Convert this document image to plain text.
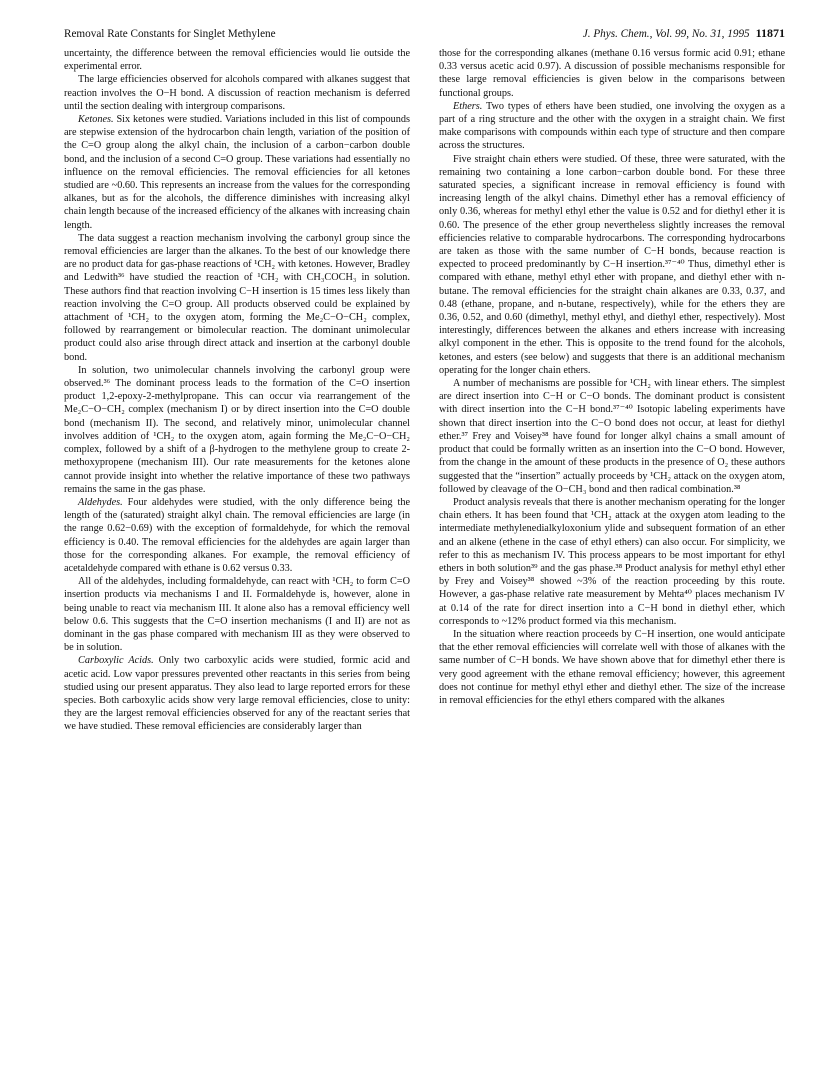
Removal Rate Constants for Singlet Methylene	J. Phys. Chem., Vol. 99, No. 31, 1995 11871

uncertainty, the difference between the removal efficiencies would lie outside the experimental error.

The large efficiencies observed for alcohols compared with alkanes suggest that reaction involves the O−H bond. A discussion of reaction mechanism is deferred until the section dealing with intergroup comparisons.

Ketones. Six ketones were studied. Variations included in this list of compounds are stepwise extension of the hydrocarbon chain length, variation of the position of the C=O group along the alkyl chain, the inclusion of a carbon−carbon double bond, and the inclusion of a second C=O group. These variations had essentially no influence on the removal efficiencies. The removal efficiencies for all ketones studied are ~0.60. This represents an increase from the values for the corresponding alkanes, but as for the alcohols, the difference diminishes with increasing alkyl chain length because of the increased efficiency of the alkanes with increasing chain length.

The data suggest a reaction mechanism involving the carbonyl group since the removal efficiencies are larger than the alkanes. To the best of our knowledge there are no product data for gas-phase reactions of ¹CH₂ with ketones. However, Bradley and Ledwith³⁶ have studied the reaction of ¹CH₂ with CH₃COCH₃ in solution. These authors find that reaction involving C−H insertion is 15 times less likely than reaction involving the C=O group. All products observed could be explained by attachment of ¹CH₂ to the oxygen atom, forming the Me₂C−O−CH₂ complex, followed by rearrangement or bimolecular reaction. The dominant unimolecular product could also arise through direct attack and insertion at the carbonyl double bond.

In solution, two unimolecular channels involving the carbonyl group were observed.³⁶ The dominant process leads to the formation of the C=O insertion product 1,2-epoxy-2-methylpropane. This can occur via rearrangement of the Me₂C−O−CH₂ complex (mechanism I) or by direct insertion into the C=O double bond (mechanism II). The second, and relatively minor, unimolecular channel involves addition of ¹CH₂ to the oxygen atom, again forming the Me₂C−O−CH₂ complex, followed by a shift of a β-hydrogen to the methylene group to create 2-methoxypropene (mechanism III). Our rate measurements for the ketones alone cannot provide insight into whether the relative importance of these two pathways remains the same in the gas phase.

Aldehydes. Four aldehydes were studied, with the only difference being the length of the (saturated) straight alkyl chain. The removal efficiencies are large (in the range 0.62−0.69) with the exception of formaldehyde, for which the removal efficiency is 0.40. The removal efficiencies for the aldehydes are again larger than those for the corresponding alkanes. For example, the removal efficiency of acetaldehyde compared with ethane is 0.62 versus 0.33.

All of the aldehydes, including formaldehyde, can react with ¹CH₂ to form C=O insertion products via mechanisms I and II. Formaldehyde is, however, alone in being unable to react via mechanism III. It alone also has a removal efficiency well below 0.6. This suggests that the C=O insertion mechanisms (I and II) are not as dominant in the gas phase compared with mechanism III as they were observed to be in solution.

Carboxylic Acids. Only two carboxylic acids were studied, formic acid and acetic acid. Low vapor pressures prevented other reactants in this series from being studied using our present apparatus. They also lead to large reported errors for these species. Both carboxylic acids show very large removal efficiencies, close to unity: they are the largest removal efficiencies observed for any of the reactant series that we have studied. These removal efficiencies are considerably larger than

those for the corresponding alkanes (methane 0.16 versus formic acid 0.91; ethane 0.33 versus acetic acid 0.97). A discussion of possible mechanisms responsible for these large removal efficiencies is given below in the comparisons between functional groups.

Ethers. Two types of ethers have been studied, one involving the oxygen as a part of a ring structure and the other with the oxygen in a straight chain. We first make comparisons with compounds within each type of structure and then compare across the structures.

Five straight chain ethers were studied. Of these, three were saturated, with the remaining two containing a lone carbon−carbon double bond. For these three saturated species, a significant increase in removal efficiency is found with increasing length of the alkyl chains. Dimethyl ether has a removal efficiency of only 0.36, whereas for methyl ethyl ether the value is 0.52 and for diethyl ether it is 0.60. The presence of the ether group nevertheless slightly increases the removal efficiencies relative to comparable hydrocarbons. The corresponding hydrocarbons are taken as those with the same number of C−H bonds, because reaction is expected to proceed predominantly by C−H insertion.³⁷⁻⁴⁰ Thus, dimethyl ether is compared with ethane, methyl ethyl ether with propane, and diethyl ether with n-butane. The removal efficiencies for the straight chain alkanes are 0.33, 0.37, and 0.48 (ethane, propane, and n-butane, respectively), while for the ethers they are 0.36, 0.52, and 0.60 (dimethyl, methyl ethyl, and diethyl ether, respectively). Most interestingly, differences between the alkanes and ethers increase with increasing alkyl component in the ether. This is opposite to the trend found for the alcohols, ketones, and esters (see below) and suggests that there is an additional mechanism operating for the longer chain ethers.

A number of mechanisms are possible for ¹CH₂ with linear ethers. The simplest are direct insertion into C−H or C−O bonds. The dominant product is consistent with direct insertion into the C−H bond.³⁷⁻⁴⁰ Isotopic labeling experiments have shown that direct insertion into the C−O bond does not occur, at least for diethyl ether.³⁷ Frey and Voisey³⁸ have found for longer alkyl chains a small amount of product that could be formally written as an insertion into the C−O bond. However, from the change in the amount of these products in the presence of O₂ these authors suggested that the “insertion” actually proceeds by ¹CH₂ attack on the oxygen atom, followed by cleavage of the O−CH₃ bond and then radical combination.³⁸

Product analysis reveals that there is another mechanism operating for the longer chain ethers. It has been found that ¹CH₂ attack at the oxygen atom leading to the intermediate methylenedialkyloxonium ylide and subsequent formation of an ether and an alkene (ethene in the case of ethyl ethers) can also occur. For simplicity, we refer to this as mechanism IV. This process appears to be most important for ethyl ethers in both solution³⁹ and the gas phase.³⁸ Product analysis for methyl ethyl ether by Frey and Voisey³⁸ showed ~3% of the reaction proceeding by this route. However, a gas-phase relative rate measurement by Mehta⁴⁰ places mechanism IV at 0.14 of the rate for direct insertion into a C−H bond in diethyl ether, which corresponds to ~12% product formed via this mechanism.

In the situation where reaction proceeds by C−H insertion, one would anticipate that the ether removal efficiencies will correlate well with those of alkanes with the same number of C−H bonds. We have shown above that for dimethyl ether there is very good agreement with the ethane removal efficiency; however, this agreement does not continue for methyl ethyl ether and diethyl ether. The size of the increase in removal efficiencies for the ethyl ethers compared with the alkanes
